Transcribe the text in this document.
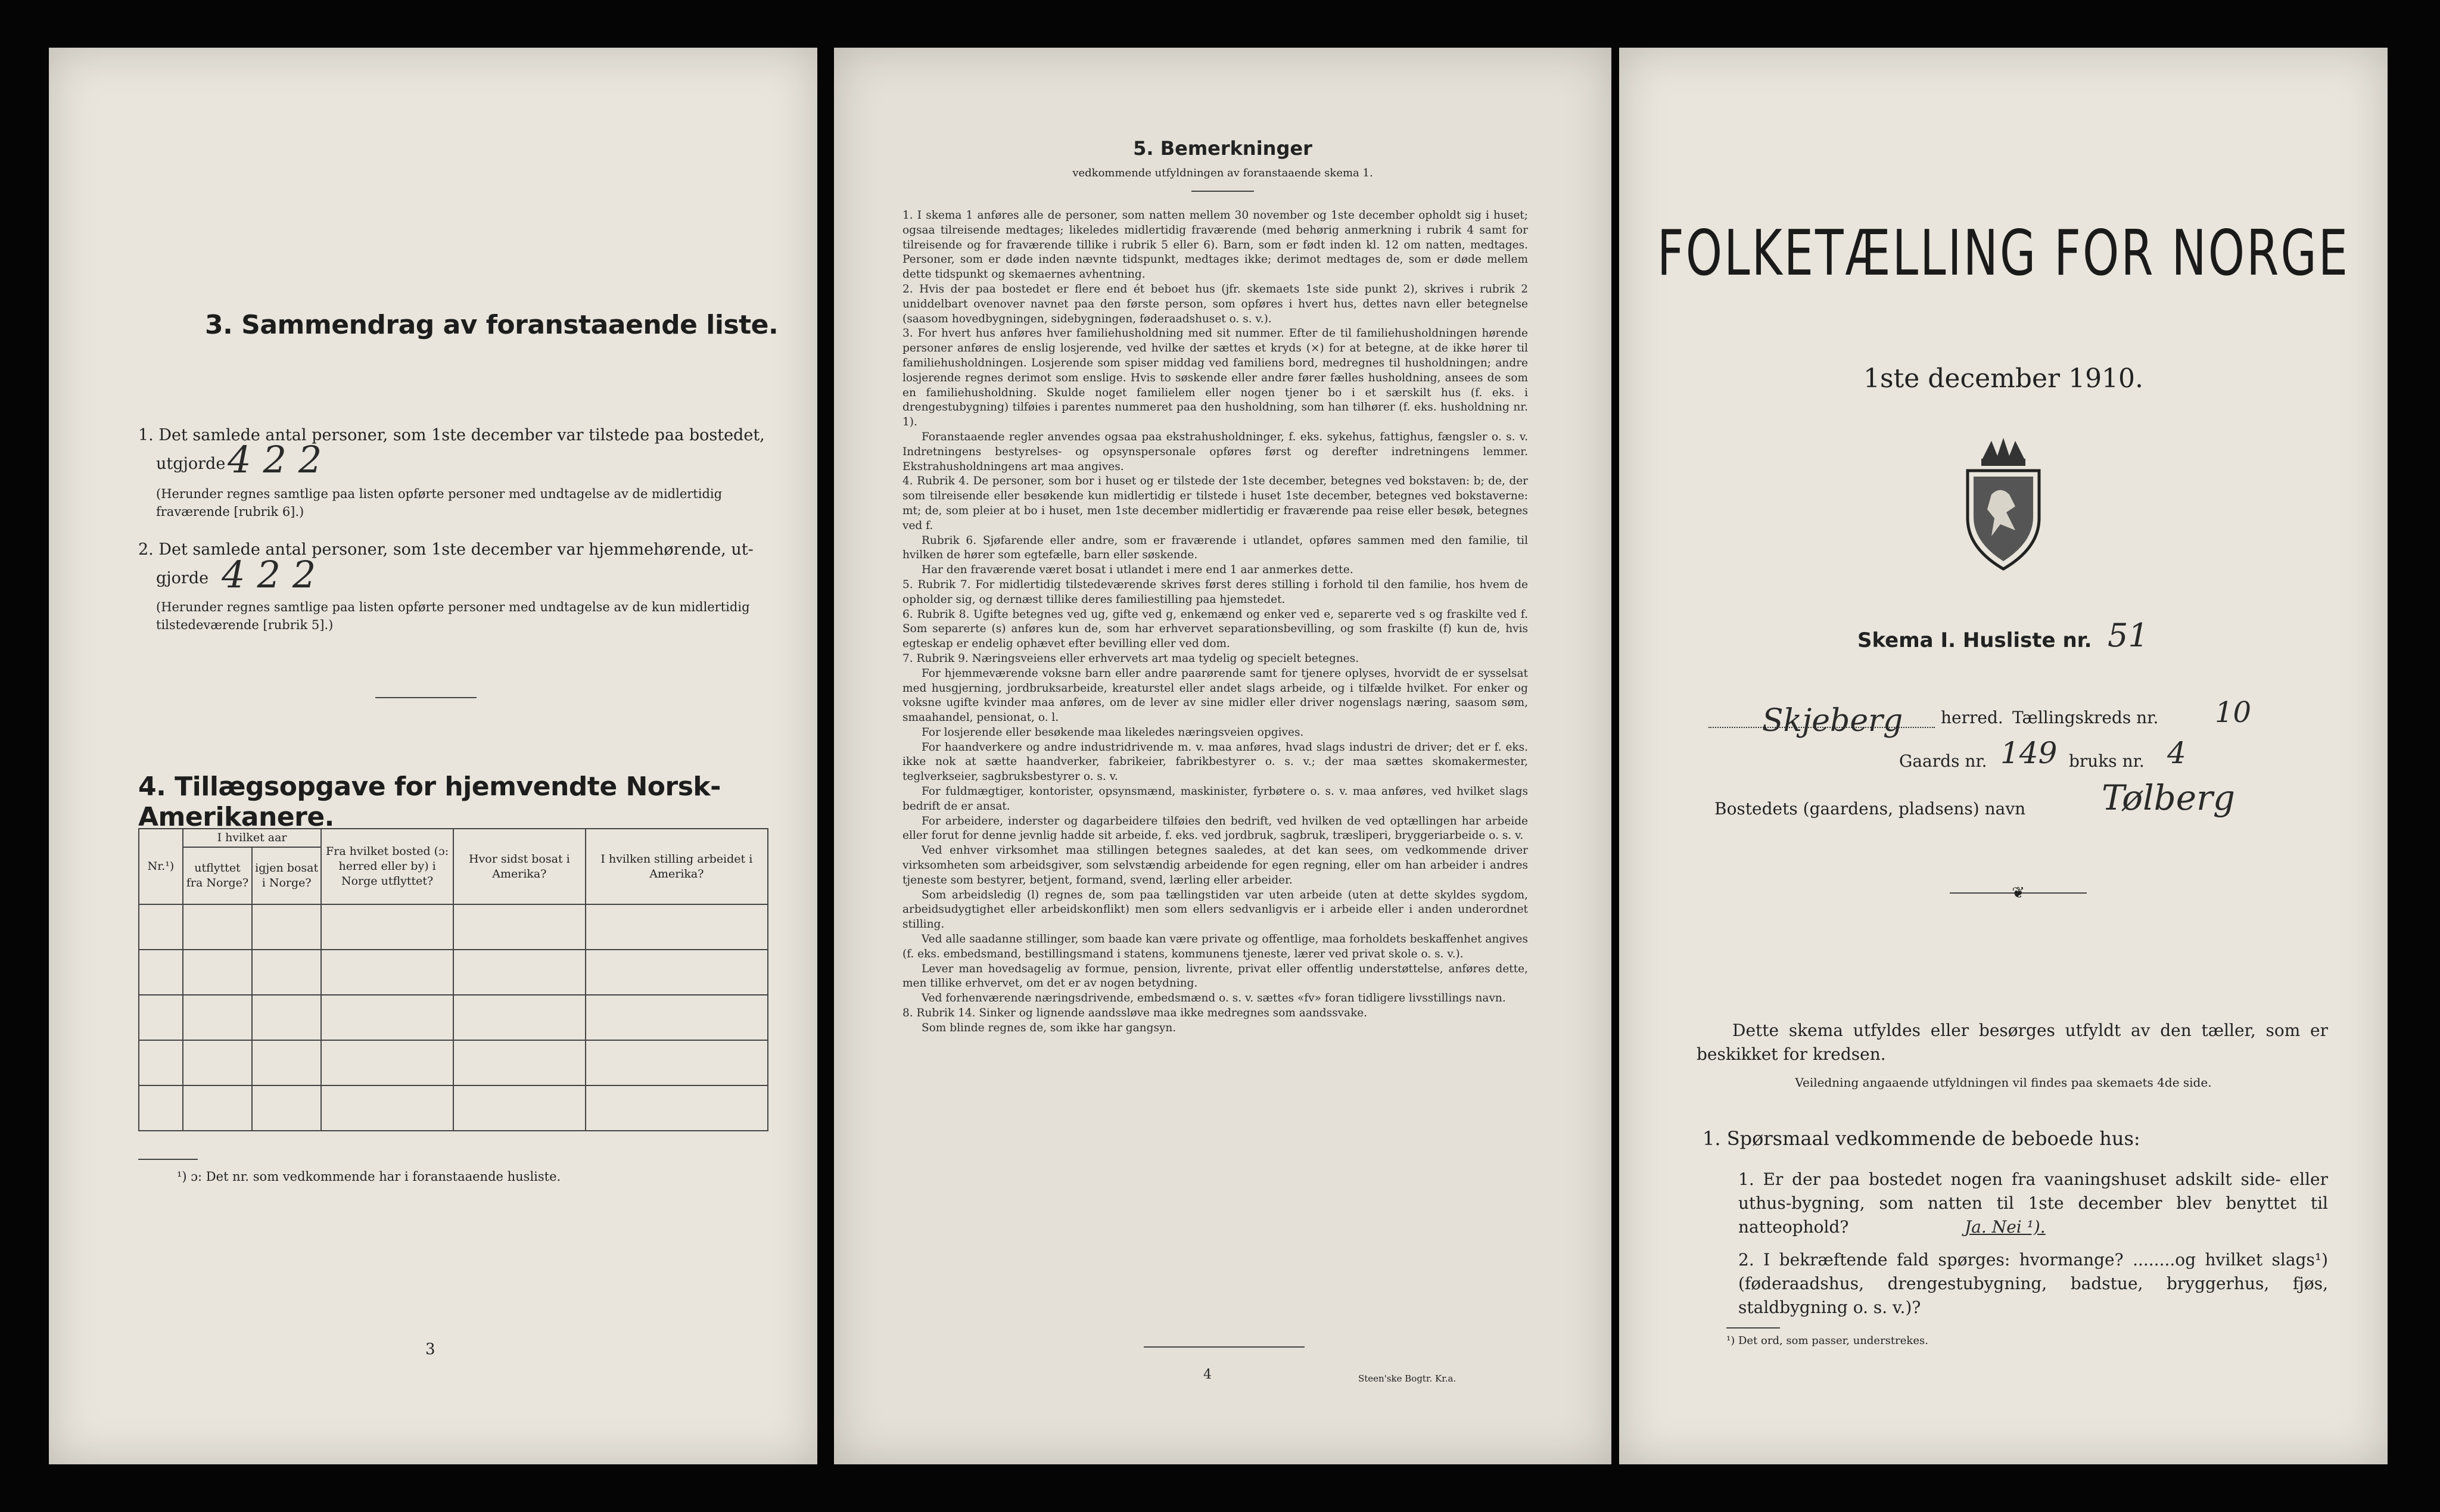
3. Sammendrag av foranstaaende liste.
1. Det samlede antal personer, som 1ste december var tilstede paa bostedet,
utgjorde 422
(Herunder regnes samtlige paa listen opførte personer med undtagelse av de midlertidig fraværende [rubrik 6].)
2. Det samlede antal personer, som 1ste december var hjemmehørende, ut-
gjorde 422
(Herunder regnes samtlige paa listen opførte personer med undtagelse av de kun midlertidig tilstedeværende [rubrik 5].)
4. Tillægsopgave for hjemvendte Norsk-Amerikanere.
Nr.¹)	I hvilket aar		Fra hvilket bosted (ɔ: herred eller by) i Norge utflyttet?	Hvor sidst bosat i Amerika?	I hvilken stilling arbeidet i Amerika?
	utflyttet fra Norge?	igjen bosat i Norge?			

¹) ɔ: Det nr. som vedkommende har i foranstaaende husliste.
3
5. Bemerkninger
vedkommende utfyldningen av foranstaaende skema 1.

1. I skema 1 anføres alle de personer, som natten mellem 30 november og 1ste december opholdt sig i huset; ogsaa tilreisende medtages; likeledes midlertidig fraværende (med behørig anmerkning i rubrik 4 samt for tilreisende og for fraværende tillike i rubrik 5 eller 6). Barn, som er født inden kl. 12 om natten, medtages. Personer, som er døde inden nævnte tidspunkt, medtages ikke; derimot medtages de, som er døde mellem dette tidspunkt og skemaernes avhentning.

2. Hvis der paa bostedet er flere end ét beboet hus (jfr. skemaets 1ste side punkt 2), skrives i rubrik 2 uniddelbart ovenover navnet paa den første person, som opføres i hvert hus, dettes navn eller betegnelse (saasom hovedbygningen, sidebygningen, føderaadshuset o. s. v.).

3. For hvert hus anføres hver familiehusholdning med sit nummer. Efter de til familiehusholdningen hørende personer anføres de enslig losjerende, ved hvilke der sættes et kryds (×) for at betegne, at de ikke hører til familiehusholdningen. Losjerende som spiser middag ved familiens bord, medregnes til husholdningen; andre losjerende regnes derimot som enslige. Hvis to søskende eller andre fører fælles husholdning, ansees de som en familiehusholdning. Skulde noget familielem eller nogen tjener bo i et særskilt hus (f. eks. i drengestubygning) tilføies i parentes nummeret paa den husholdning, som han tilhører (f. eks. husholdning nr. 1).

Foranstaaende regler anvendes ogsaa paa ekstrahusholdninger, f. eks. sykehus, fattighus, fængsler o. s. v. Indretningens bestyrelses- og opsynspersonale opføres først og derefter indretningens lemmer. Ekstrahusholdningens art maa angives.

4. Rubrik 4. De personer, som bor i huset og er tilstede der 1ste december, betegnes ved bokstaven: b; de, der som tilreisende eller besøkende kun midlertidig er tilstede i huset 1ste december, betegnes ved bokstaverne: mt; de, som pleier at bo i huset, men 1ste december midlertidig er fraværende paa reise eller besøk, betegnes ved f.

Rubrik 6. Sjøfarende eller andre, som er fraværende i utlandet, opføres sammen med den familie, til hvilken de hører som egtefælle, barn eller søskende.

Har den fraværende været bosat i utlandet i mere end 1 aar anmerkes dette.

5. Rubrik 7. For midlertidig tilstedeværende skrives først deres stilling i forhold til den familie, hos hvem de opholder sig, og dernæst tillike deres familiestilling paa hjemstedet.

6. Rubrik 8. Ugifte betegnes ved ug, gifte ved g, enkemænd og enker ved e, separerte ved s og fraskilte ved f. Som separerte (s) anføres kun de, som har erhvervet separationsbevilling, og som fraskilte (f) kun de, hvis egteskap er endelig ophævet efter bevilling eller ved dom.

7. Rubrik 9. Næringsveiens eller erhvervets art maa tydelig og specielt betegnes.

For hjemmeværende voksne barn eller andre paarørende samt for tjenere oplyses, hvorvidt de er sysselsat med husgjerning, jordbruksarbeide, kreaturstel eller andet slags arbeide, og i tilfælde hvilket. For enker og voksne ugifte kvinder maa anføres, om de lever av sine midler eller driver nogenslags næring, saasom søm, smaahandel, pensionat, o. l.

For losjerende eller besøkende maa likeledes næringsveien opgives.

For haandverkere og andre industridrivende m. v. maa anføres, hvad slags industri de driver; det er f. eks. ikke nok at sætte haandverker, fabrikeier, fabrikbestyrer o. s. v.; der maa sættes skomakermester, teglverkseier, sagbruksbestyrer o. s. v.

For fuldmægtiger, kontorister, opsynsmænd, maskinister, fyrbøtere o. s. v. maa anføres, ved hvilket slags bedrift de er ansat.

For arbeidere, inderster og dagarbeidere tilføies den bedrift, ved hvilken de ved optællingen har arbeide eller forut for denne jevnlig hadde sit arbeide, f. eks. ved jordbruk, sagbruk, træsliperi, bryggeriarbeide o. s. v.

Ved enhver virksomhet maa stillingen betegnes saaledes, at det kan sees, om vedkommende driver virksomheten som arbeidsgiver, som selvstændig arbeidende for egen regning, eller om han arbeider i andres tjeneste som bestyrer, betjent, formand, svend, lærling eller arbeider.

Som arbeidsledig (l) regnes de, som paa tællingstiden var uten arbeide (uten at dette skyldes sygdom, arbeidsudygtighet eller arbeidskonflikt) men som ellers sedvanligvis er i arbeide eller i anden underordnet stilling.

Ved alle saadanne stillinger, som baade kan være private og offentlige, maa forholdets beskaffenhet angives (f. eks. embedsmand, bestillingsmand i statens, kommunens tjeneste, lærer ved privat skole o. s. v.).

Lever man hovedsagelig av formue, pension, livrente, privat eller offentlig understøttelse, anføres dette, men tillike erhvervet, om det er av nogen betydning.

Ved forhenværende næringsdrivende, embedsmænd o. s. v. sættes «fv» foran tidligere livsstillings navn.

8. Rubrik 14. Sinker og lignende aandssløve maa ikke medregnes som aandssvake.

Som blinde regnes de, som ikke har gangsyn.

4	Steen'ske Bogtr. Kr.a.
FOLKETÆLLING FOR NORGE
1ste december 1910.
Skema I. Husliste nr. 51
Skjeberg herred. Tællingskreds nr. 10
Gaards nr. 149 bruks nr. 4
Bostedets (gaardens, pladsens) navn Tølberg
❦
Dette skema utfyldes eller besørges utfyldt av den tæller, som er beskikket for kredsen.
Veiledning angaaende utfyldningen vil findes paa skemaets 4de side.
1. Spørsmaal vedkommende de beboede hus:
1. Er der paa bostedet nogen fra vaaningshuset adskilt side- eller uthus-bygning, som natten til 1ste december blev benyttet til natteophold?	Ja. Nei ¹).
2. I bekræftende fald spørges: hvormange? ........og hvilket slags¹) (føderaadshus, drengestubygning, badstue, bryggerhus, fjøs, staldbygning o. s. v.)?
¹) Det ord, som passer, understrekes.
